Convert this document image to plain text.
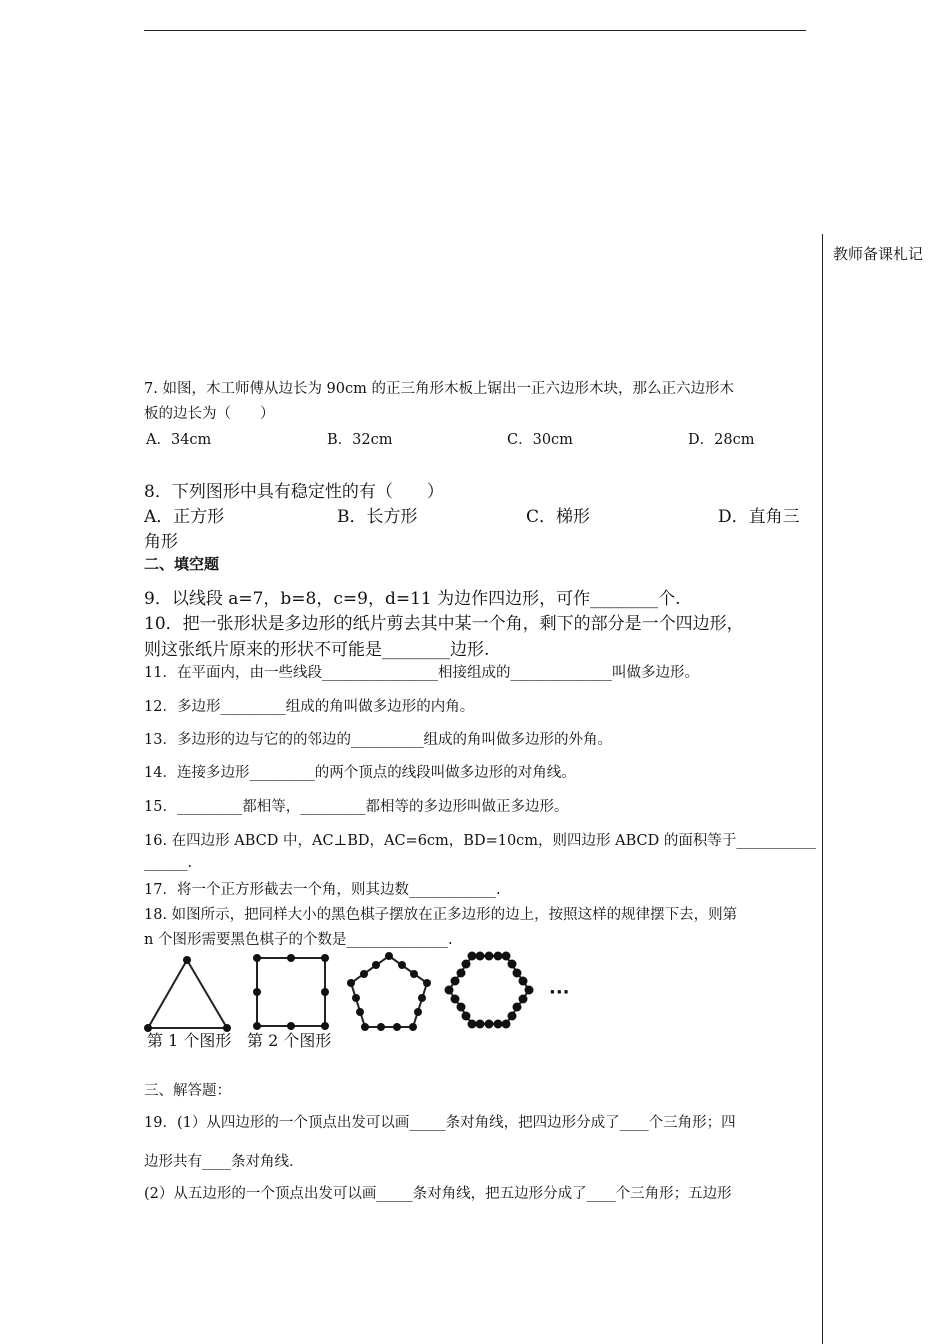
教师备课札记
7. 如图，木工师傅从边长为 90cm 的正三角形木板上锯出一正六边形木块，那么正六边形木
板的边长为（　　）
A．34cm	B．32cm	C．30cm	D．28cm
8．下列图形中具有稳定性的有（　　）
A．正方形	B．长方形	C．梯形	D．直角三
角形
二、填空题
9．以线段 a=7，b=8，c=9，d=11 为边作四边形，可作________个.
10．把一张形状是多边形的纸片剪去其中某一个角，剩下的部分是一个四边形，
则这张纸片原来的形状不可能是________边形.
11．在平面内，由一些线段________________相接组成的______________叫做多边形。
12．多边形_________组成的角叫做多边形的内角。
13．多边形的边与它的的邻边的__________组成的角叫做多边形的外角。
14．连接多边形_________的两个顶点的线段叫做多边形的对角线。
15．_________都相等，_________都相等的多边形叫做正多边形。
16. 在四边形 ABCD 中，AC⊥BD，AC=6cm，BD=10cm，则四边形 ABCD 的面积等于___________
______.
17．将一个正方形截去一个角，则其边数____________.
18. 如图所示，把同样大小的黑色棋子摆放在正多边形的边上，按照这样的规律摆下去，则第
n 个图形需要黑色棋子的个数是______________.
···
第 1 个图形 第 2 个图形
三、解答题：
19．(1）从四边形的一个顶点出发可以画_____条对角线，把四边形分成了____个三角形；四
边形共有____条对角线．
(2）从五边形的一个顶点出发可以画_____条对角线，把五边形分成了____个三角形；五边形
